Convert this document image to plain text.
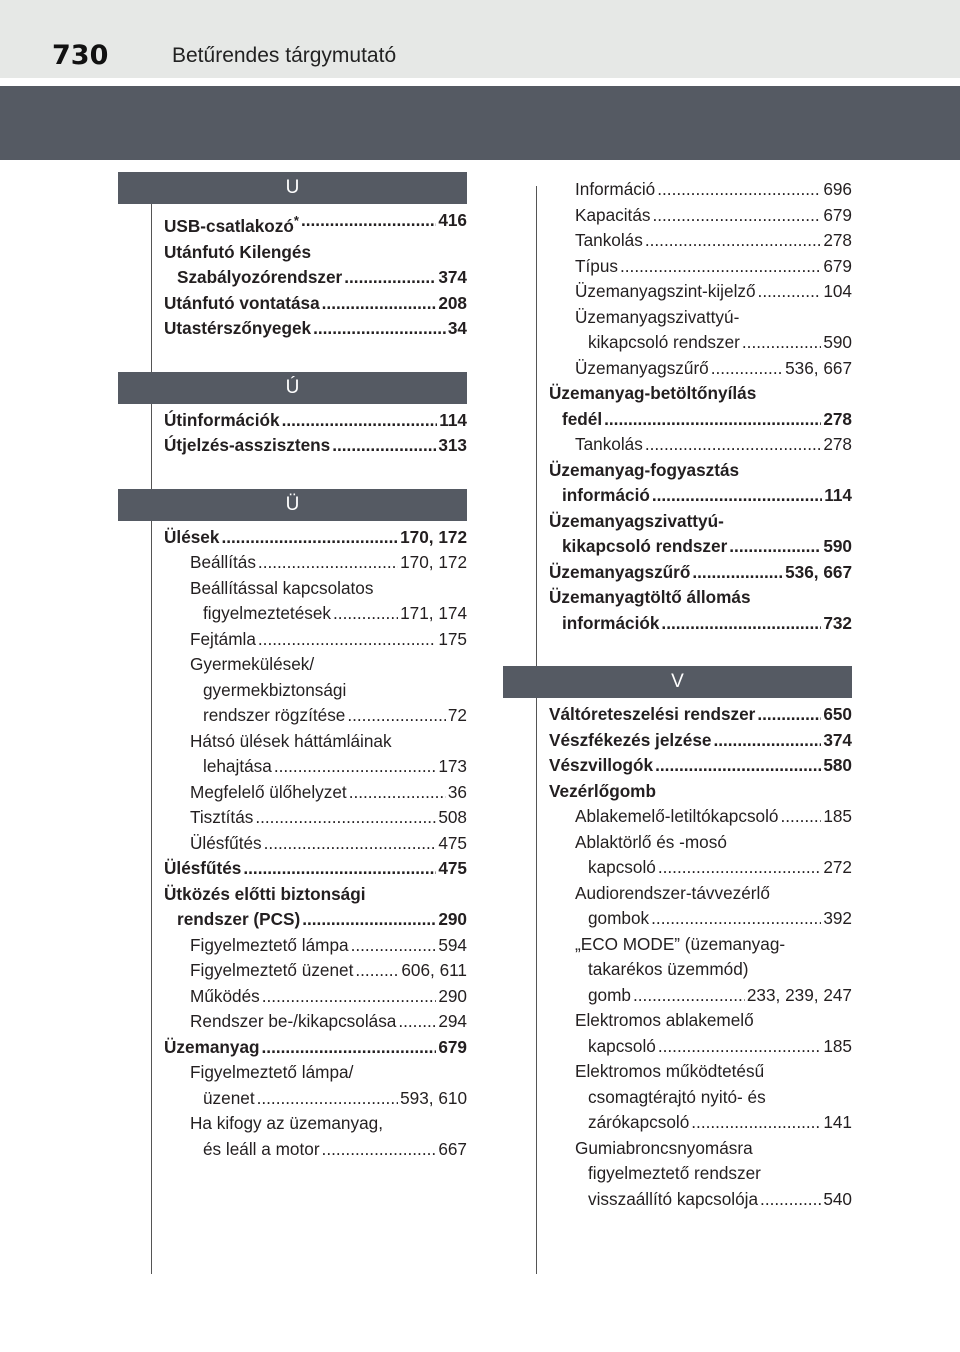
730	Betűrendes tárgymutató
U
USB-csatlakozó* .....	416
Utánfutó Kilengés
Szabályozórendszer .....	374
Utánfutó vontatása .....	208
Utastérszőnyegek .....	34
Ú
Útinformációk .....	114
Útjelzés-asszisztens .....	313
Ü
Ülések .....	170, 172
Beállítás .....	170, 172
Beállítással kapcsolatos
figyelmeztetések .....	171, 174
Fejtámla .....	175
Gyermekülések/
gyermekbiztonsági
rendszer rögzítése .....	72
Hátsó ülések háttámláinak
lehajtása .....	173
Megfelelő ülőhelyzet .....	36
Tisztítás .....	508
Ülésfűtés .....	475
Ülésfűtés .....	475
Ütközés előtti biztonsági
rendszer (PCS) .....	290
Figyelmeztető lámpa .....	594
Figyelmeztető üzenet .....	606, 611
Működés .....	290
Rendszer be-/kikapcsolása ..... 294
Üzemanyag .....	679
Figyelmeztető lámpa/
üzenet .....	593, 610
Ha kifogy az üzemanyag,
és leáll a motor .....	667
Információ .....	696
Kapacitás .....	679
Tankolás .....	278
Típus .....	679
Üzemanyagszint-kijelző .....	104
Üzemanyagszivattyú-
kikapcsoló rendszer .....	590
Üzemanyagszűrő .....	536, 667
Üzemanyag-betöltőnyílás
fedél .....	278
Tankolás .....	278
Üzemanyag-fogyasztás
információ .....	114
Üzemanyagszivattyú-
kikapcsoló rendszer .....	590
Üzemanyagszűrő .....	536, 667
Üzemanyagtöltő állomás
információk .....	732
V
Váltóreteszelési rendszer .....	650
Vészfékezés jelzése .....	374
Vészvillogók .....	580
Vezérlőgomb
Ablakemelő-letiltókapcsoló .....	185
Ablaktörlő és -mosó
kapcsoló .....	272
Audiorendszer-távvezérlő
gombok .....	392
„ECO MODE” (üzemanyag-
takarékos üzemmód)
gomb .....	233, 239, 247
Elektromos ablakemelő
kapcsoló .....	185
Elektromos működtetésű
csomagtérajtó nyitó- és
zárókapcsoló .....	141
Gumiabroncsnyomásra
figyelmeztető rendszer
visszaállító kapcsolója .....	540
